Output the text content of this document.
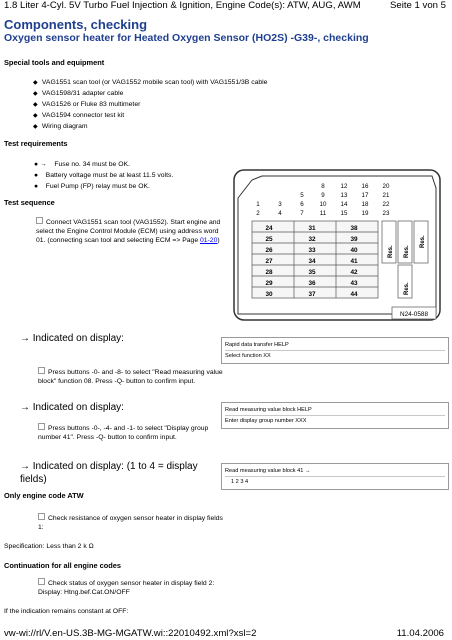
1.8 Liter 4-Cyl. 5V Turbo Fuel Injection & Ignition, Engine Code(s): ATW, AUG, AWM	Seite 1 von 5
Components, checking
Oxygen sensor heater for Heated Oxygen Sensor (HO2S) -G39-, checking
Special tools and equipment
◆ VAG1551 scan tool (or VAG1552 mobile scan tool) with VAG1551/3B cable
◆ VAG1598/31 adapter cable
◆ VAG1526 or Fluke 83 multimeter
◆ VAG1594 connector test kit
◆ Wiring diagram
Test requirements
● → Fuse no. 34 must be OK.
● Battery voltage must be at least 11.5 volts.
● Fuel Pump (FP) relay must be OK.
Test sequence
Connect VAG1551 scan tool (VAG1552). Start engine and select the Engine Control Module (ECM) using address word 01. (connecting scan tool and selecting ECM => Page 01-20)
8	12 16 20
9	13 17 21
10 14 18 22
11 15 19 23
5
1	3	6
2	4	7
24	31	38
25	32	39
26	33	40
27	34	41
28	35	42
29	36	43
30	37	44
Res. Res.
Res.
Res.
N24-0588
→ Indicated on display:
Rapid data transfer HELP
Select function XX
Press buttons -0- and -8- to select "Read measuring value block" function 08. Press -Q- button to confirm input.
→ Indicated on display:	Read measuring value block HELP
Enter display group number XXX
Press buttons -0-, -4- and -1- to select "Display group number 41". Press -Q- button to confirm input.
→ Indicated on display: (1 to 4 = display fields)
Read measuring value block 41 →
1 2 3 4
Only engine code ATW
Check resistance of oxygen sensor heater in display fields 1:
Specification: Less than 2 k Ω
Continuation for all engine codes
Check status of oxygen sensor heater in display field 2: Display: Htng.bef.Cat.ON/OFF
If the indication remains constant at OFF:
vw-wi://rl/V.en-US.3B-MG-MGATW.wi::22010492.xml?xsl=2	11.04.2006
